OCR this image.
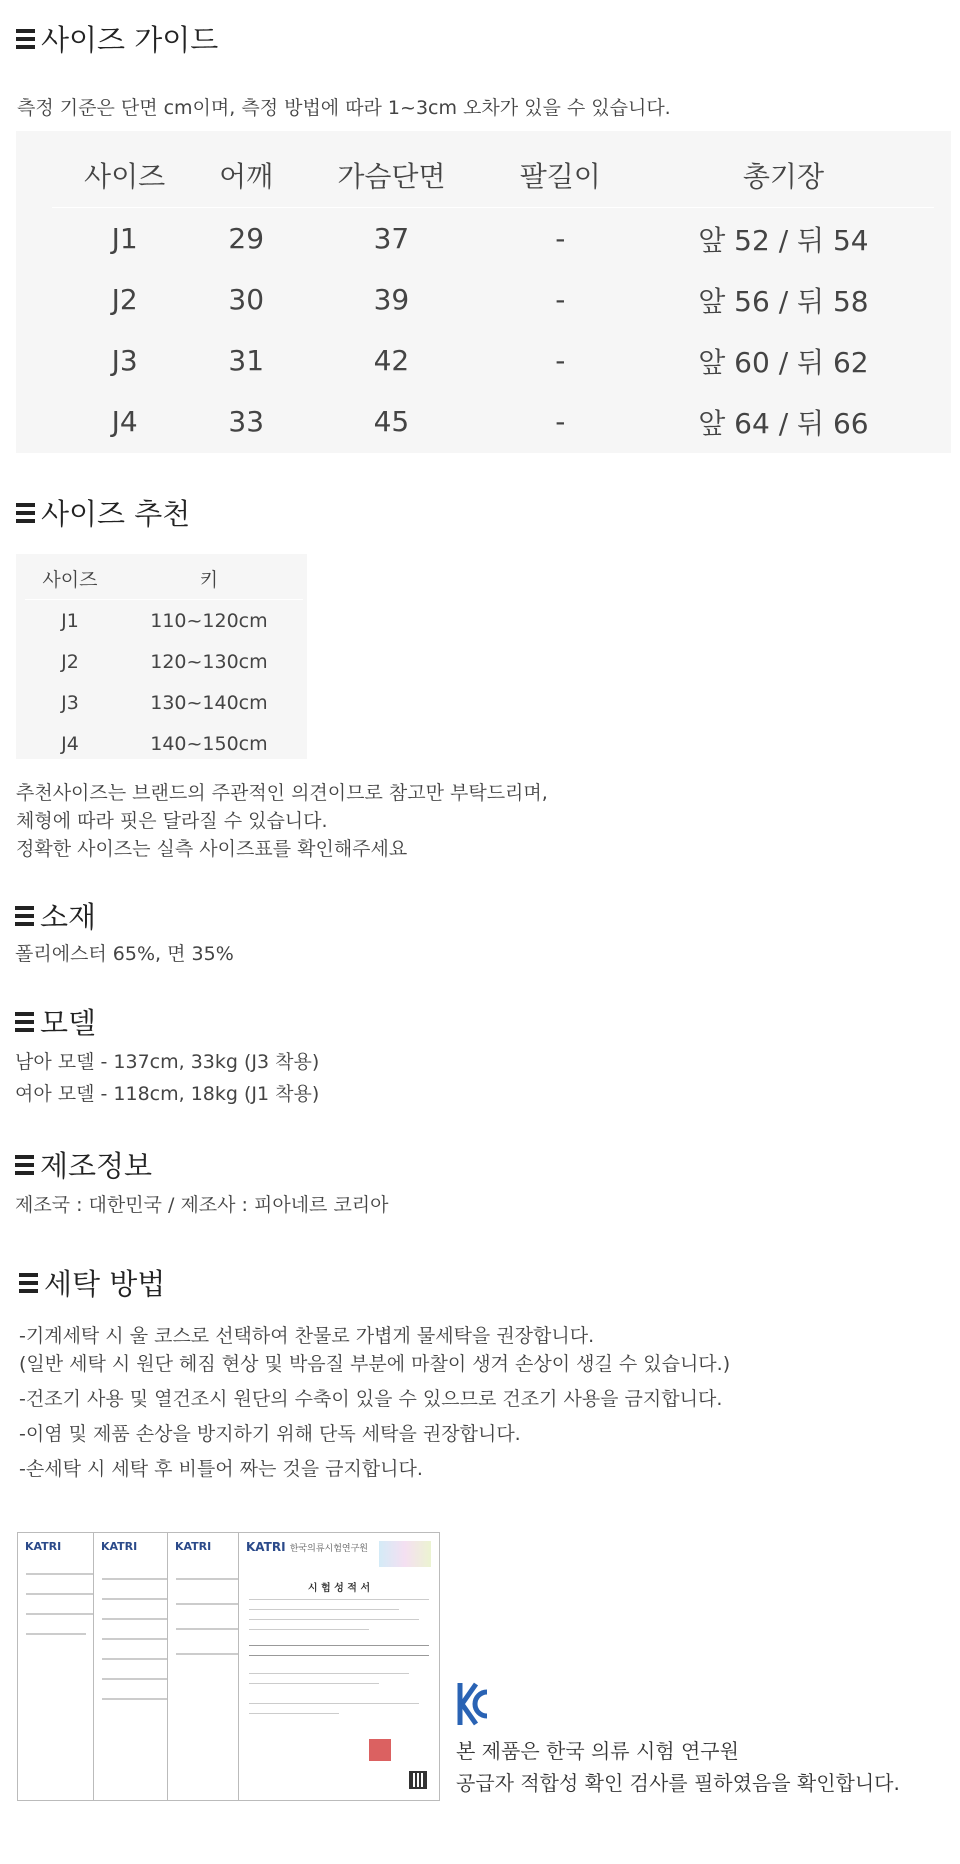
사이즈 가이드
측정 기준은 단면 cm이며, 측정 방법에 따라 1~3cm 오차가 있을 수 있습니다.
사이즈	어깨	가슴단면	팔길이	총기장
J1	29	37	-	앞 52 / 뒤 54
J2	30	39	-	앞 56 / 뒤 58
J3	31	42	-	앞 60 / 뒤 62
J4	33	45	-	앞 64 / 뒤 66
사이즈 추천
사이즈	키
J1	110~120cm
J2	120~130cm
J3	130~140cm
J4	140~150cm
추천사이즈는 브랜드의 주관적인 의견이므로 참고만 부탁드리며,
체형에 따라 핏은 달라질 수 있습니다.
정확한 사이즈는 실측 사이즈표를 확인해주세요
소재
폴리에스터 65%, 면 35%
모델
남아 모델 - 137cm, 33kg (J3 착용)
여아 모델 - 118cm, 18kg (J1 착용)
제조정보
제조국 : 대한민국 / 제조사 : 피아네르 코리아
세탁 방법
-기계세탁 시 울 코스로 선택하여 찬물로 가볍게 물세탁을 권장합니다.
(일반 세탁 시 원단 헤짐 현상 및 박음질 부분에 마찰이 생겨 손상이 생길 수 있습니다.)
-건조기 사용 및 열건조시 원단의 수축이 있을 수 있으므로 건조기 사용을 금지합니다.
-이염 및 제품 손상을 방지하기 위해 단독 세탁을 권장합니다.
-손세탁 시 세탁 후 비틀어 짜는 것을 금지합니다.
KATRI	KATRI	KATRI	KATRI 한국의류시험연구원
시 험 성 적 서
본 제품은 한국 의류 시험 연구원
공급자 적합성 확인 검사를 필하였음을 확인합니다.
